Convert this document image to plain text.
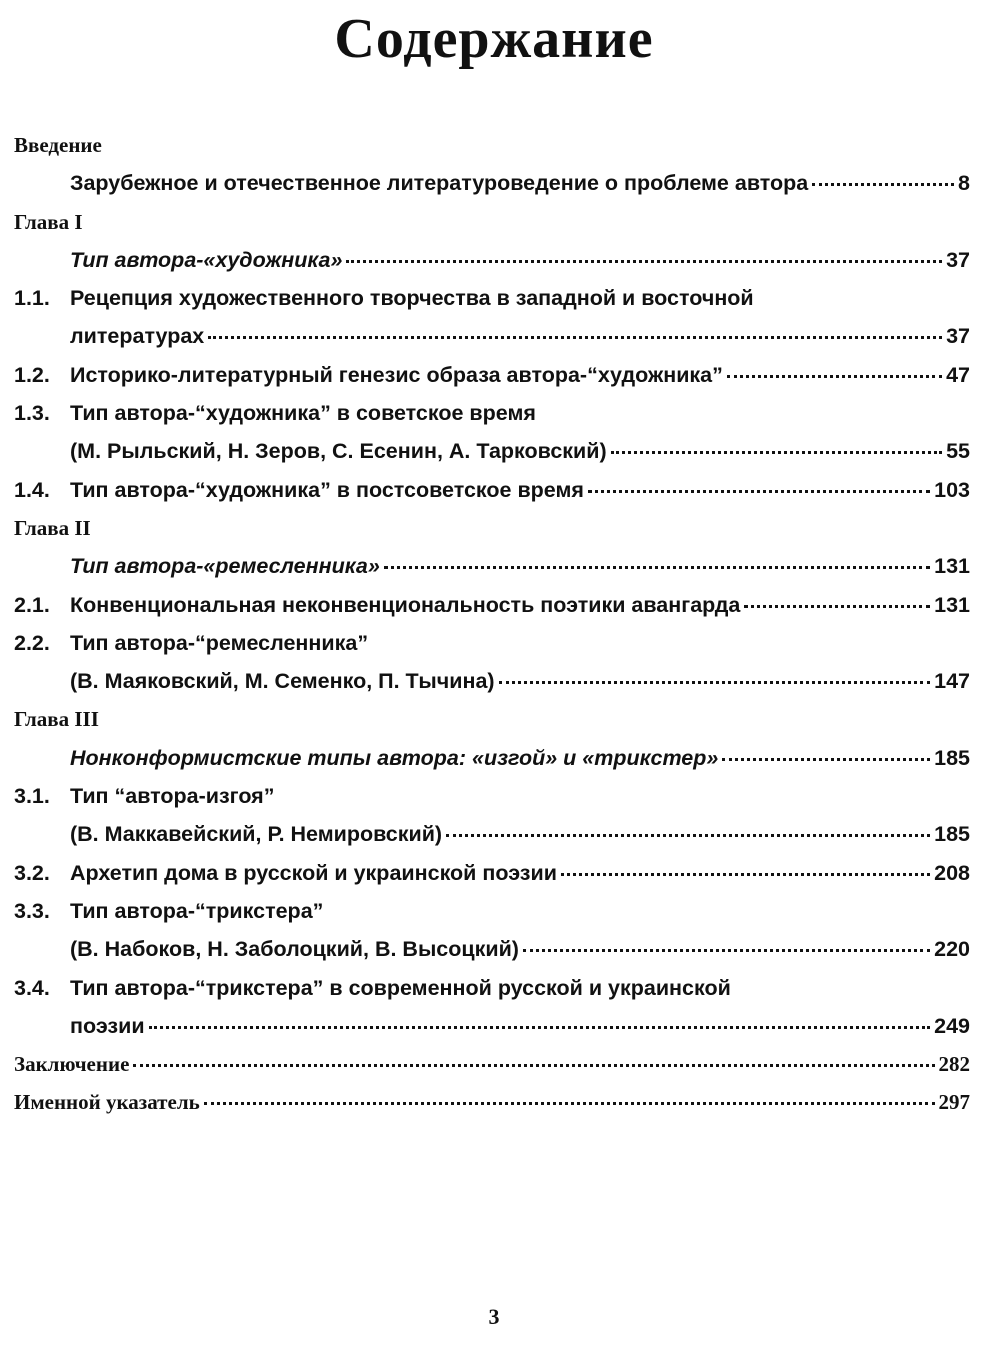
Содержание
Введение
Зарубежное и отечественное литературоведение о проблеме автора	8
Глава I
Тип автора-«художника»	37
1.1. Рецепция художественного творчества в западной и восточной
литературах	37
1.2. Историко-литературный генезис образа автора-“художника”	47
1.3. Тип автора-“художника” в советское время
(М. Рыльский, Н. Зеров, С. Есенин, А. Тарковский)	55
1.4. Тип автора-“художника” в постсоветское время	103
Глава II
Тип автора-«ремесленника»	131
2.1. Конвенциональная неконвенциональность поэтики авангарда	131
2.2. Тип автора-“ремесленника”
(В. Маяковский, М. Семенко, П. Тычина)	147
Глава III
Нонконформистские типы автора: «изгой» и «трикстер»	185
3.1. Тип “автора-изгоя”
(В. Маккавейский, Р. Немировский)	185
3.2. Архетип дома в русской и украинской поэзии	208
3.3. Тип автора-“трикстера”
(В. Набоков, Н. Заболоцкий, В. Высоцкий)	220
3.4. Тип автора-“трикстера” в современной русской и украинской
поэзии	249
Заключение	282
Именной указатель	297
3
